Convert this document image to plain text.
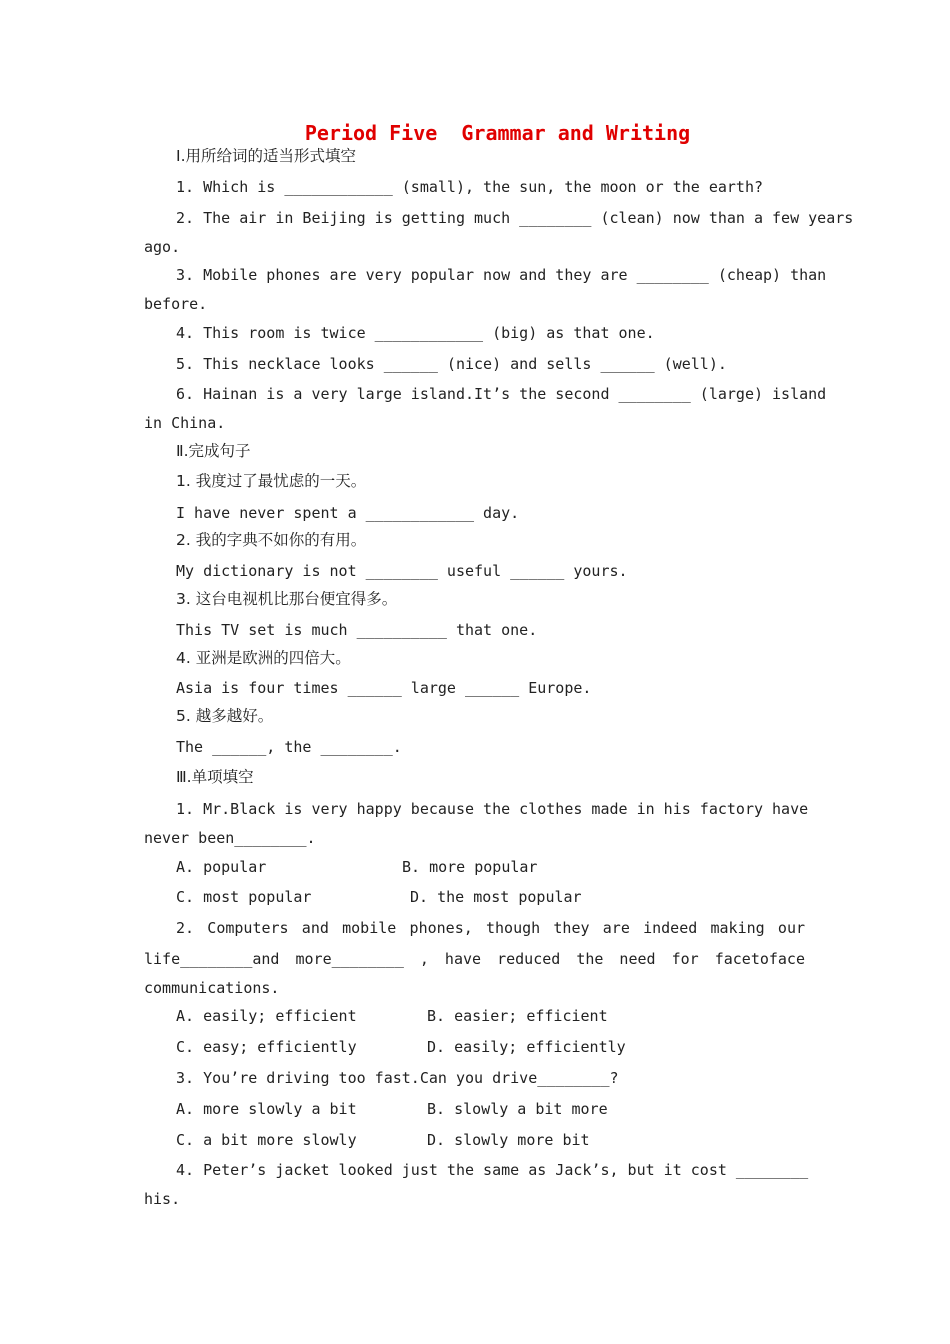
Period Five  Grammar and Writing
I.用所给词的适当形式填空
1. Which is ____________ (small), the sun, the moon or the earth?
2. The air in Beijing is getting much ________ (clean) now than a few years
ago.
3. Mobile phones are very popular now and they are ________ (cheap) than
before.
4. This room is twice ____________ (big) as that one.
5. This necklace looks ______ (nice) and sells ______ (well).
6. Hainan is a very large island.It’s the second ________ (large) island
in China.
Ⅱ.完成句子
1. 我度过了最忧虑的一天。
I have never spent a ____________ day.
2. 我的字典不如你的有用。
My dictionary is not ________ useful ______ yours.
3. 这台电视机比那台便宜得多。
This TV set is much __________ that one.
4. 亚洲是欧洲的四倍大。
Asia is four times ______ large ______ Europe.
5. 越多越好。
The ______, the ________.
Ⅲ.单项填空
1. Mr.Black is very happy because the clothes made in his factory have
never been________.
A. popular	B. more popular
C. most popular	D. the most popular
2. Computers and mobile phones, though they are indeed making our
life________and more________ , have reduced the need for facetoface
communications.
A. easily; efficient	B. easier; efficient
C. easy; efficiently	D. easily; efficiently
3. You’re driving too fast.Can you drive________?
A. more slowly a bit	B. slowly a bit more
C. a bit more slowly	D. slowly more bit
4. Peter’s jacket looked just the same as Jack’s, but it cost ________
his.
